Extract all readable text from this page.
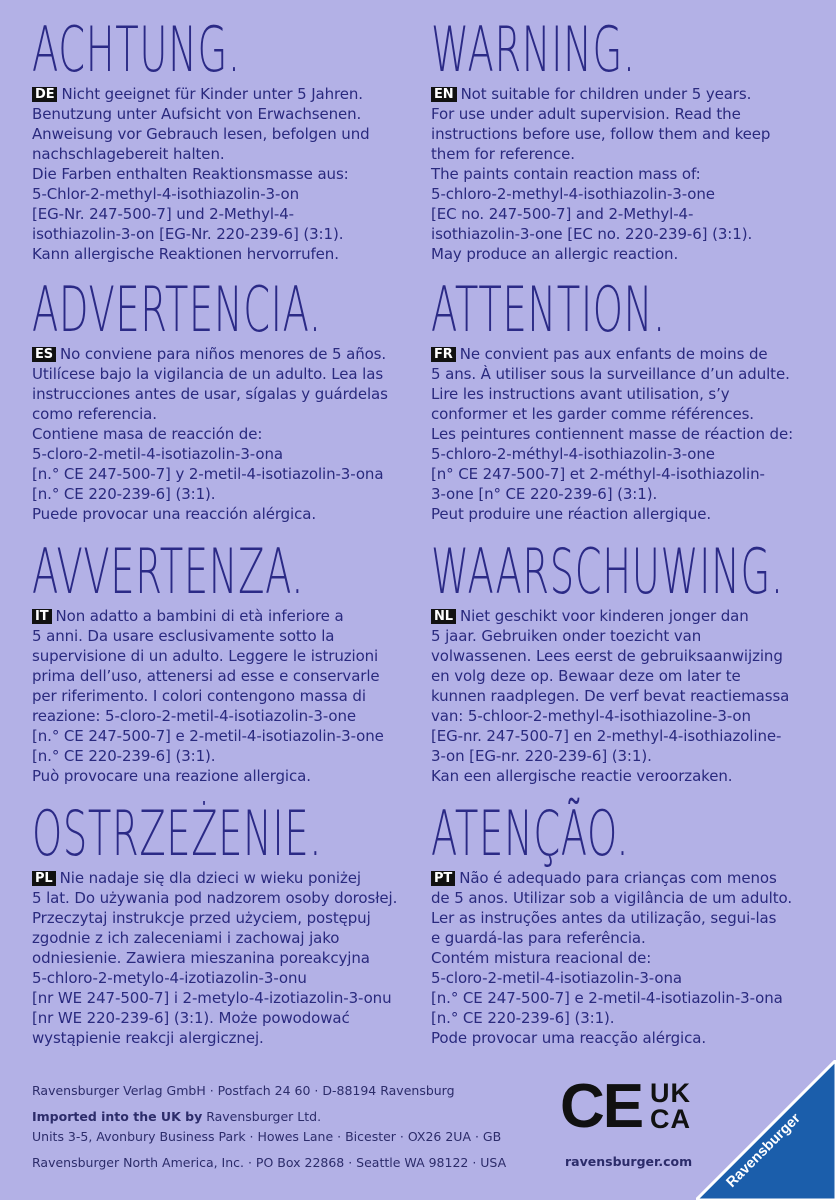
ACHTUNG.

DE Nicht geeignet für Kinder unter 5 Jahren.
Benutzung unter Aufsicht von Erwachsenen.
Anweisung vor Gebrauch lesen, befolgen und
nachschlagebereit halten.
Die Farben enthalten Reaktionsmasse aus:
5-Chlor-2-methyl-4-isothiazolin-3-on
[EG-Nr. 247-500-7] und 2-Methyl-4-
isothiazolin-3-on [EG-Nr. 220-239-6] (3:1).
Kann allergische Reaktionen hervorrufen.

WARNING.

EN Not suitable for children under 5 years.
For use under adult supervision. Read the
instructions before use, follow them and keep
them for reference.
The paints contain reaction mass of:
5-chloro-2-methyl-4-isothiazolin-3-one
[EC no. 247-500-7] and 2-Methyl-4-
isothiazolin-3-one [EC no. 220-239-6] (3:1).
May produce an allergic reaction.

ADVERTENCIA.

ES No conviene para niños menores de 5 años.
Utilícese bajo la vigilancia de un adulto. Lea las
instrucciones antes de usar, sígalas y guárdelas
como referencia.
Contiene masa de reacción de:
5-cloro-2-metil-4-isotiazolin-3-ona
[n.° CE 247-500-7] y 2-metil-4-isotiazolin-3-ona
[n.° CE 220-239-6] (3:1).
Puede provocar una reacción alérgica.

ATTENTION.

FR Ne convient pas aux enfants de moins de
5 ans. À utiliser sous la surveillance d’un adulte.
Lire les instructions avant utilisation, s’y
conformer et les garder comme références.
Les peintures contiennent masse de réaction de:
5-chloro-2-méthyl-4-isothiazolin-3-one
[n° CE 247-500-7] et 2-méthyl-4-isothiazolin-
3-one [n° CE 220-239-6] (3:1).
Peut produire une réaction allergique.

AVVERTENZA.

IT Non adatto a bambini di età inferiore a
5 anni. Da usare esclusivamente sotto la
supervisione di un adulto. Leggere le istruzioni
prima dell’uso, attenersi ad esse e conservarle
per riferimento. I colori contengono massa di
reazione: 5-cloro-2-metil-4-isotiazolin-3-one
[n.° CE 247-500-7] e 2-metil-4-isotiazolin-3-one
[n.° CE 220-239-6] (3:1).
Può provocare una reazione allergica.

WAARSCHUWING.

NL Niet geschikt voor kinderen jonger dan
5 jaar. Gebruiken onder toezicht van
volwassenen. Lees eerst de gebruiksaanwijzing
en volg deze op. Bewaar deze om later te
kunnen raadplegen. De verf bevat reactiemassa
van: 5-chloor-2-methyl-4-isothiazoline-3-on
[EG-nr. 247-500-7] en 2-methyl-4-isothiazoline-
3-on [EG-nr. 220-239-6] (3:1).
Kan een allergische reactie veroorzaken.

OSTRZEŻENIE.

PL Nie nadaje się dla dzieci w wieku poniżej
5 lat. Do używania pod nadzorem osoby dorosłej.
Przeczytaj instrukcje przed użyciem, postępuj
zgodnie z ich zaleceniami i zachowaj jako
odniesienie. Zawiera mieszanina poreakcyjna
5-chloro-2-metylo-4-izotiazolin-3-onu
[nr WE 247-500-7] i 2-metylo-4-izotiazolin-3-onu
[nr WE 220-239-6] (3:1). Może powodować
wystąpienie reakcji alergicznej.

ATENÇÃO.

PT Não é adequado para crianças com menos
de 5 anos. Utilizar sob a vigilância de um adulto.
Ler as instruções antes da utilização, segui-las
e guardá-las para referência.
Contém mistura reacional de:
5-cloro-2-metil-4-isotiazolin-3-ona
[n.° CE 247-500-7] e 2-metil-4-isotiazolin-3-ona
[n.° CE 220-239-6] (3:1).
Pode provocar uma reacção alérgica.

Ravensburger Verlag GmbH · Postfach 24 60 · D-88194 Ravensburg
Imported into the UK by Ravensburger Ltd.
Units 3-5, Avonbury Business Park · Howes Lane · Bicester · OX26 2UA · GB
Ravensburger North America, Inc. · PO Box 22868 · Seattle WA 98122 · USA
CE UK
CA
ravensburger.com Ravensburger
